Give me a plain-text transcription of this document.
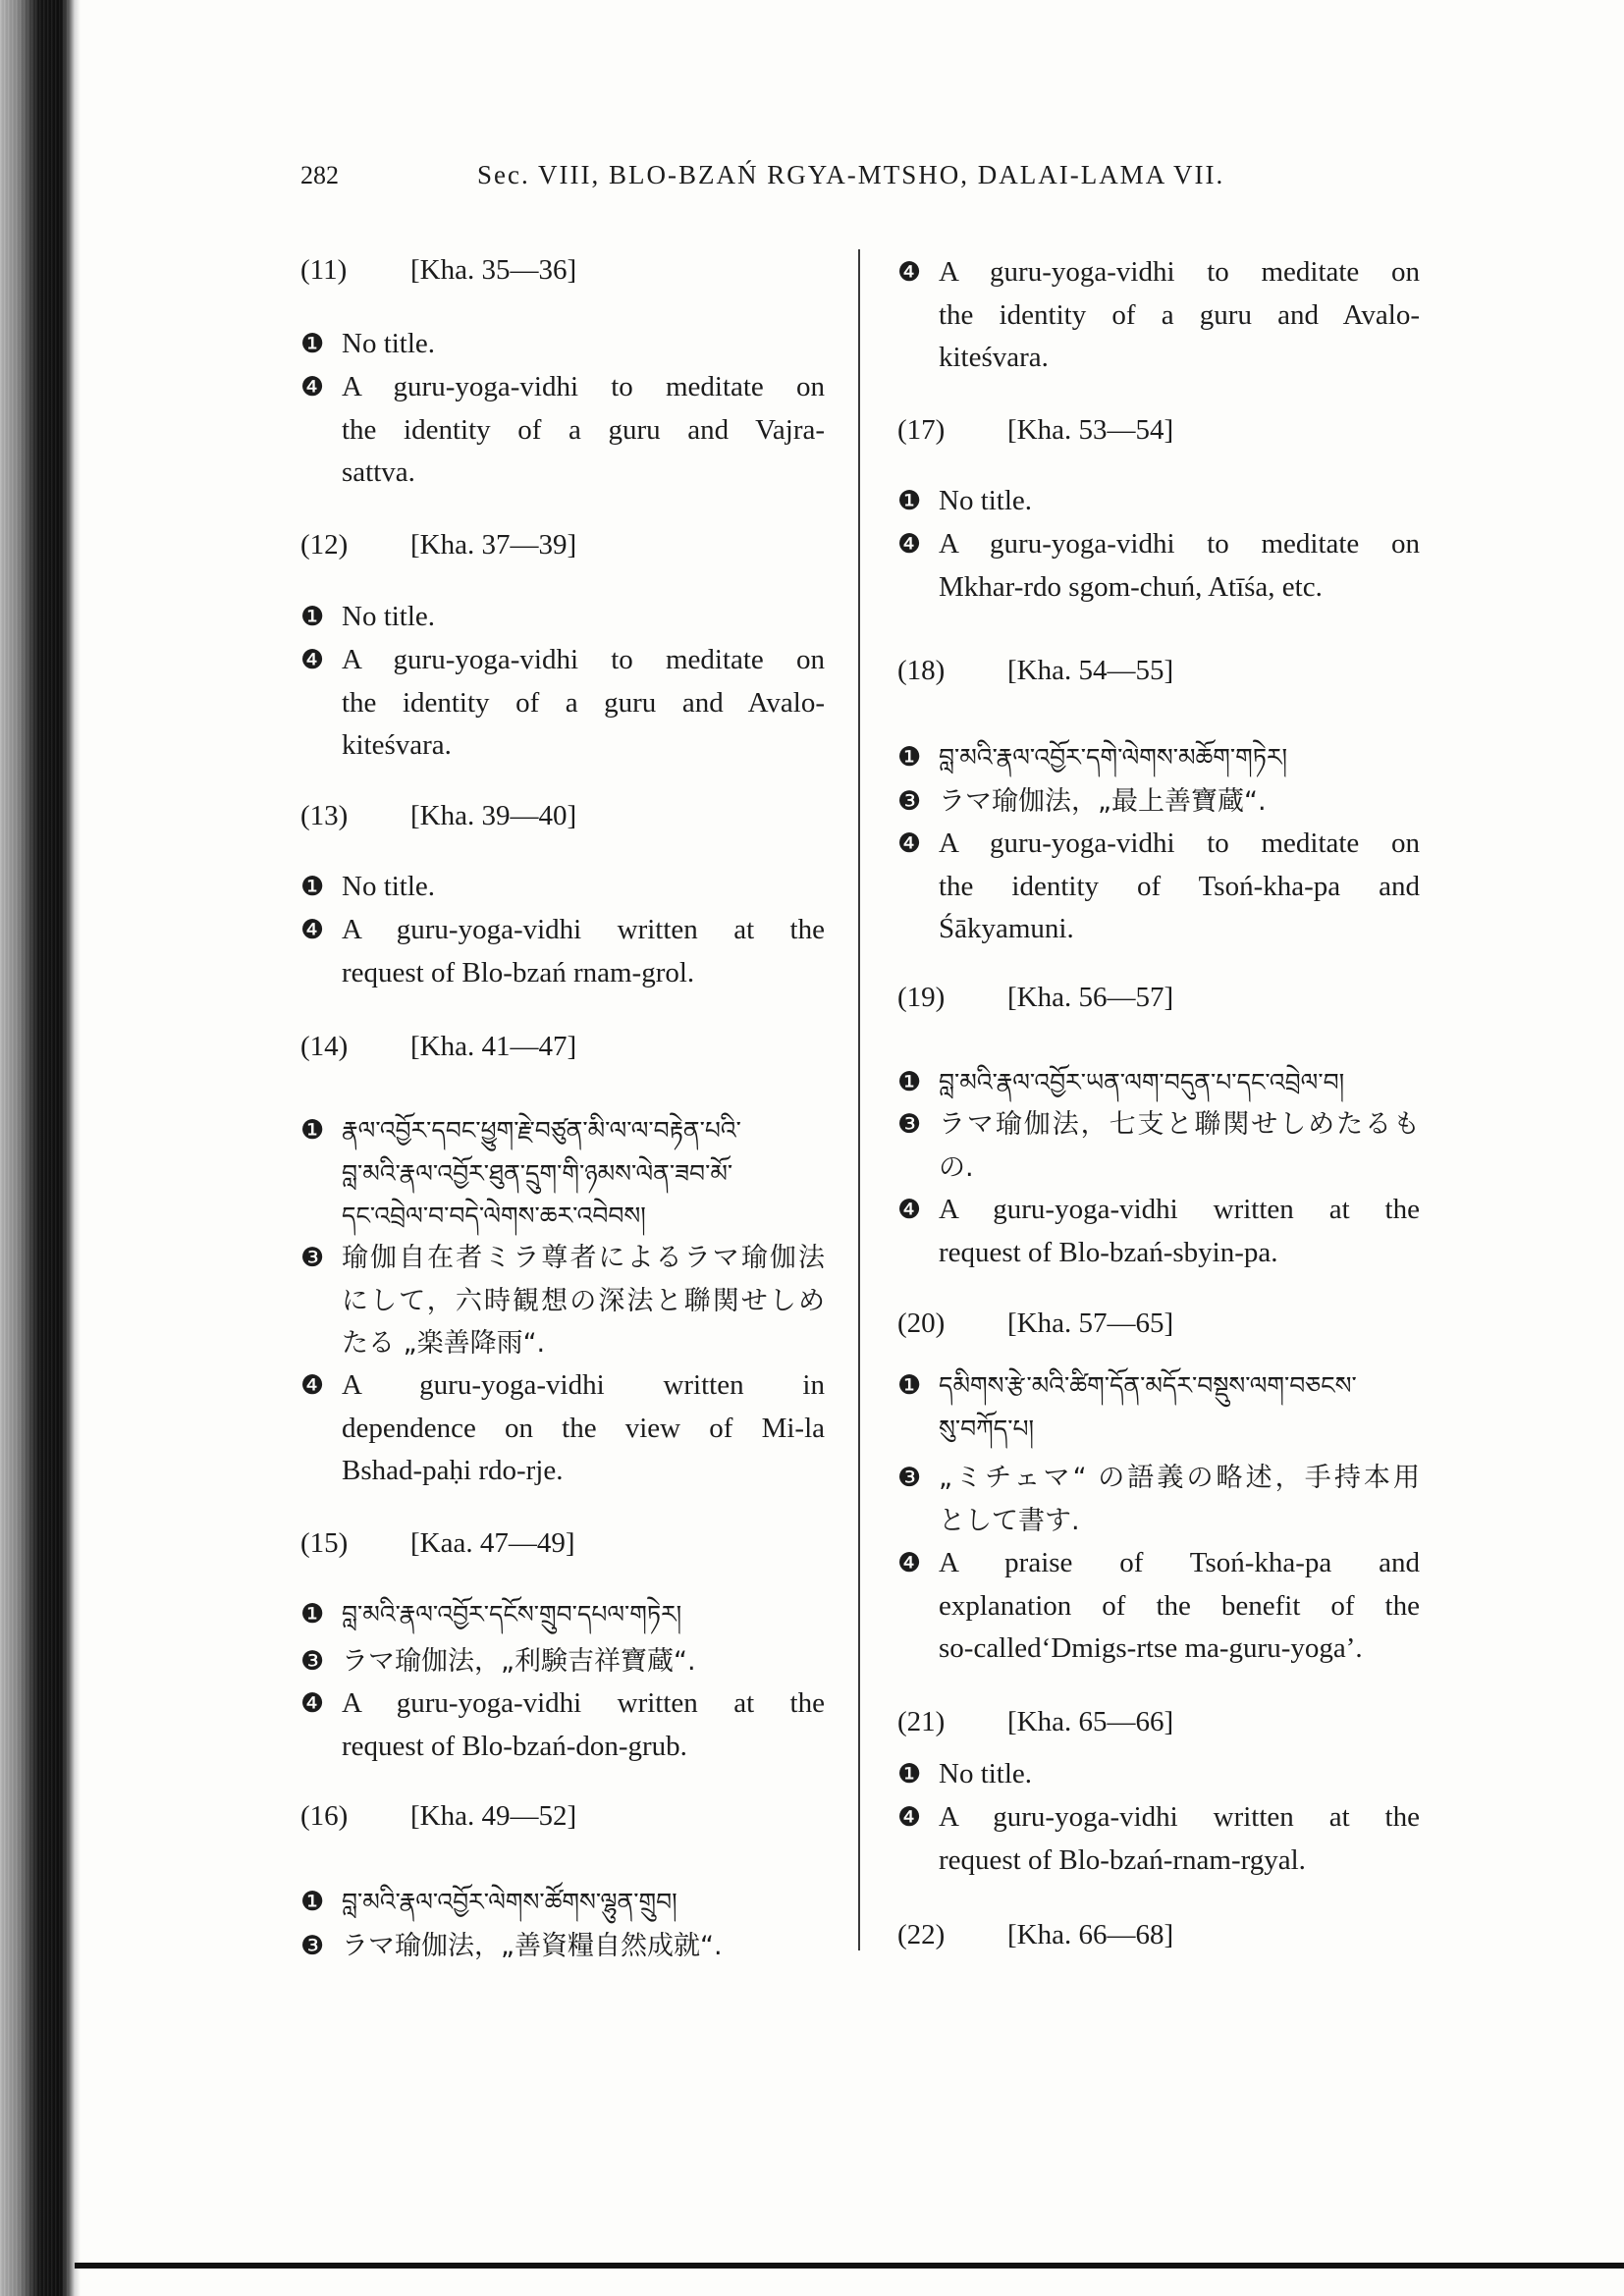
282	Sec. VIII, BLO-BZAŃ RGYA-MTSHO, DALAI-LAMA VII.
(11) [Kha. 35—36]
❶ No title.
❹ A guru-yoga-vidhi to meditate on
the identity of a guru and Vajra-
sattva.
(12) [Kha. 37—39]
❶ No title.
❹ A guru-yoga-vidhi to meditate on
the identity of a guru and Avalo-
kiteśvara.
(13) [Kha. 39—40]
❶ No title.
❹ A guru-yoga-vidhi written at the
request of Blo-bzań rnam-grol.
(14) [Kha. 41—47]
❶ རྣལ་འབྱོར་དབང་ཕྱུག་རྗེ་བཙུན་མི་ལ་ལ་བརྟེན་པའི་
བླ་མའི་རྣལ་འབྱོར་ཐུན་དྲུག་གི་ཉམས་ལེན་ཟབ་མོ་
དང་འབྲེལ་བ་བདེ་ལེགས་ཆར་འབེབས།
❸ 瑜伽自在者ミラ尊者によるラマ瑜伽法
にして，六時観想の深法と聯関せしめ
たる „楽善降雨“.
❹ A guru-yoga-vidhi written in
dependence on the view of Mi-la
Bshad-paḥi rdo-rje.
(15) [Kaa. 47—49]
❶ བླ་མའི་རྣལ་འབྱོར་དངོས་གྲུབ་དཔལ་གཏེར།
❸ ラマ瑜伽法，„利験吉祥寶蔵“.
❹ A guru-yoga-vidhi written at the
request of Blo-bzań-don-grub.
(16) [Kha. 49—52]
❶ བླ་མའི་རྣལ་འབྱོར་ལེགས་ཚོགས་ལྷུན་གྲུབ།
❸ ラマ瑜伽法，„善資糧自然成就“.
❹ A guru-yoga-vidhi to meditate on
the identity of a guru and Avalo-
kiteśvara.
(17) [Kha. 53—54]
❶ No title.
❹ A guru-yoga-vidhi to meditate on
Mkhar-rdo sgom-chuń, Atīśa, etc.
(18) [Kha. 54—55]
❶ བླ་མའི་རྣལ་འབྱོར་དགེ་ལེགས་མཆོག་གཏེར།
❸ ラマ瑜伽法，„最上善寶蔵“.
❹ A guru-yoga-vidhi to meditate on
the identity of Tsoń-kha-pa and
Śākyamuni.
(19) [Kha. 56—57]
❶ བླ་མའི་རྣལ་འབྱོར་ཡན་ལག་བདུན་པ་དང་འབྲེལ་བ།
❸ ラマ瑜伽法，七支と聯関せしめたるも
の.
❹ A guru-yoga-vidhi written at the
request of Blo-bzań-sbyin-pa.
(20) [Kha. 57—65]
❶ དམིགས་རྩེ་མའི་ཚིག་དོན་མདོར་བསྡུས་ལག་བཅངས་
སུ་བཀོད་པ།
❸ „ミチェマ“ の語義の略述，手持本用
として書す.
❹ A praise of Tsoń-kha-pa and
explanation of the benefit of the
so-called‘Dmigs-rtse ma-guru-yoga’.
(21) [Kha. 65—66]
❶ No title.
❹ A guru-yoga-vidhi written at the
request of Blo-bzań-rnam-rgyal.
(22) [Kha. 66—68]
